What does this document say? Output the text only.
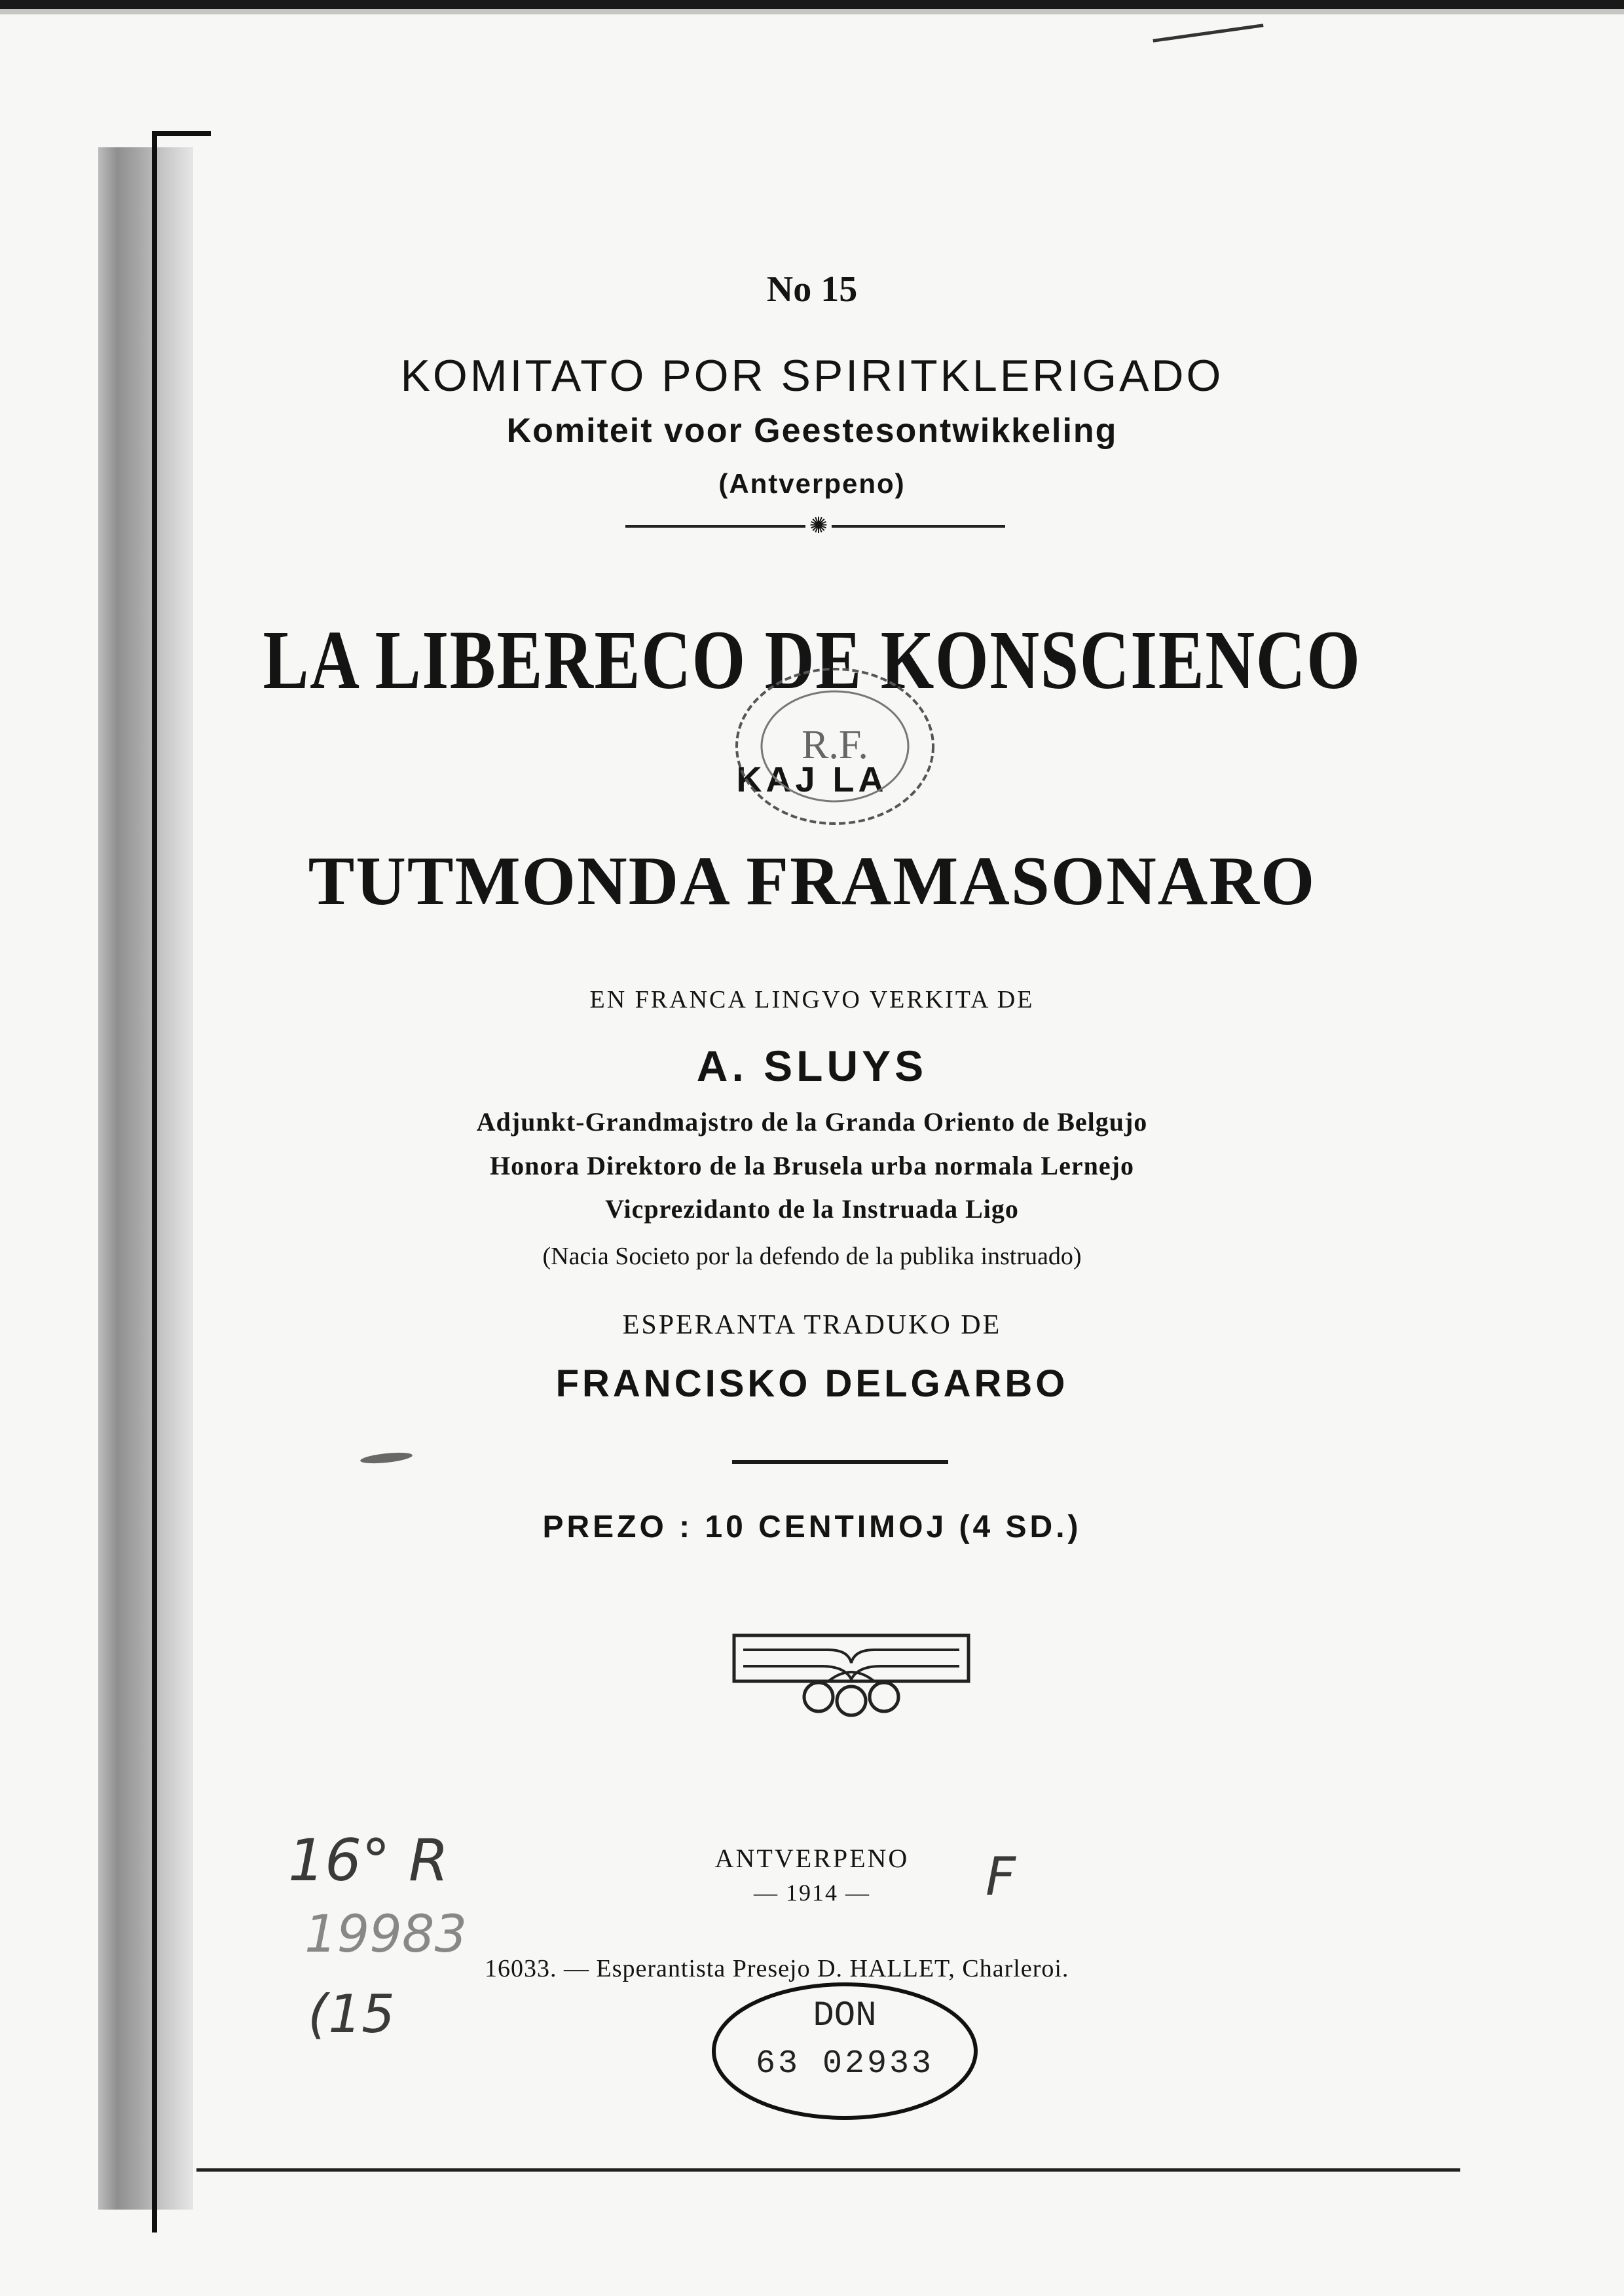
No 15
KOMITATO POR SPIRITKLERIGADO
Komiteit voor Geestesontwikkeling
(Antverpeno)
✺
LA LIBERECO DE KONSCIENCO
KAJ LA
TUTMONDA FRAMASONARO
EN FRANCA LINGVO VERKITA DE
A. SLUYS
Adjunkt-Grandmajstro de la Granda Oriento de Belgujo
Honora Direktoro de la Brusela urba normala Lernejo
Vicprezidanto de la Instruada Ligo
(Nacia Societo por la defendo de la publika instruado)
ESPERANTA TRADUKO DE
FRANCISKO DELGARBO
PREZO : 10 CENTIMOJ (4 SD.)
ANTVERPENO
— 1914 —
16033. — Esperantista Presejo D. HALLET, Charleroi.
R.F.
DON
63 02933
16° R
19983
(15
F
